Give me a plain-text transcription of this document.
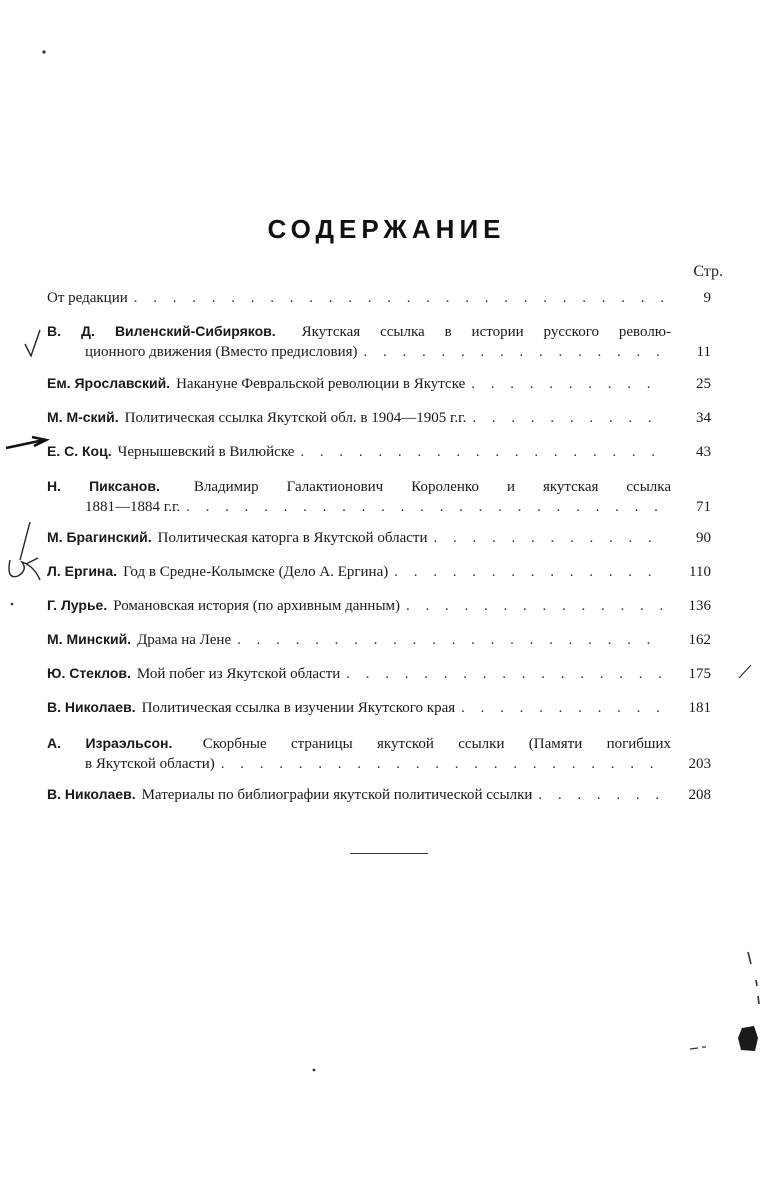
СОДЕРЖАНИЕ
Стр.
От редакции . . .	9
В. Д. Виленский-Сибиряков. Якутская ссылка в истории русского револю-
ционного движения (Вместо предисловия) . . .	11
Ем. Ярославский. Накануне Февральской революции в Якутске . . .	25
М. М-ский. Политическая ссылка Якутской обл. в 1904—1905 г.г. . . .	34
Е. С. Коц. Чернышевский в Вилюйске . . .	43
Н. Пиксанов. Владимир Галактионович Короленко и якутская ссылка
1881—1884 г.г. . . .	71
М. Брагинский. Политическая каторга в Якутской области . . .	90
Л. Ергина. Год в Средне-Колымске (Дело А. Ергина) . . .	110
Г. Лурье. Романовская история (по архивным данным) . . .	136
М. Минский. Драма на Лене . . .	162
Ю. Стеклов. Мой побег из Якутской области . . .	175
В. Николаев. Политическая ссылка в изучении Якутского края . . .	181
А. Израэльсон. Скорбные страницы якутской ссылки (Памяти погибших
в Якутской области) . . .	203
В. Николаев. Материалы по библиографии якутской политической ссылки . . .	208
